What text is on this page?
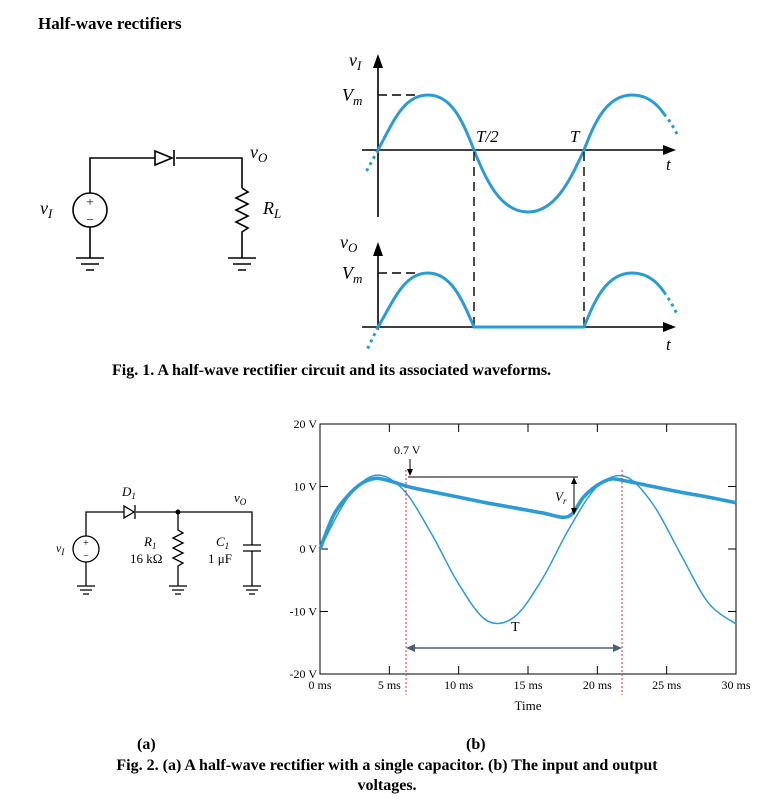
Half-wave rectifiers
+
−
$v_I$
$v_O$
$R_L$
$v_I$
$V_m$
T/2	T
t
$v_O$
$V_m$
t
+
−
$v_I$
$D_1$	$v_O$
$R_1$
16 kΩ
$C_1$
1 μF
20 V
10 V
0 V
-10 V
-20 V
0 ms	5 ms	10 ms	15 ms	20 ms	25 ms	30 ms
0.7 V
$V_r$
T
Time
Fig. 1. A half-wave rectifier circuit and its associated waveforms.
(a)	(b)
Fig. 2. (a) A half-wave rectifier with a single capacitor. (b) The input and output
voltages.
